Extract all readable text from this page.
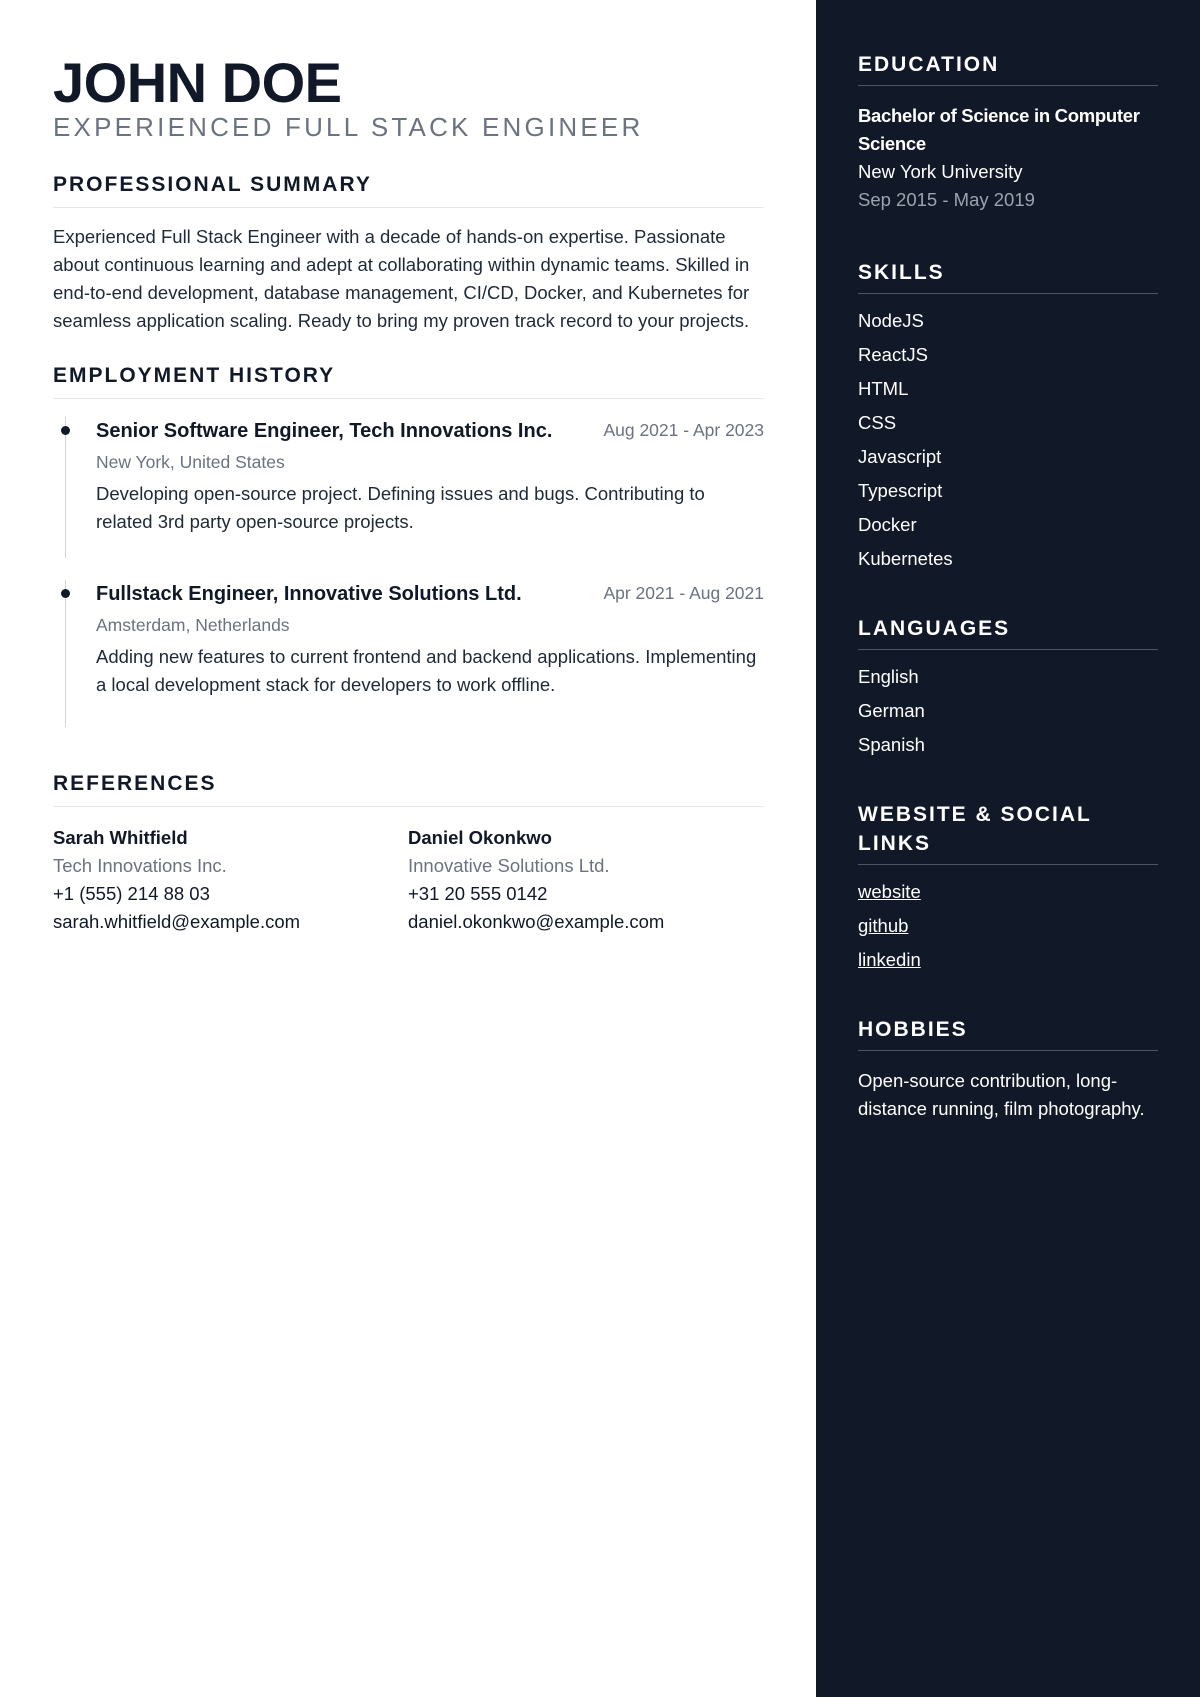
JOHN DOE
EXPERIENCED FULL STACK ENGINEER
PROFESSIONAL SUMMARY

Experienced Full Stack Engineer with a decade of hands-on expertise. Passionate about continuous learning and adept at collaborating within dynamic teams. Skilled in end-to-end development, database management, CI/CD, Docker, and Kubernetes for seamless application scaling. Ready to bring my proven track record to your projects.

EMPLOYMENT HISTORY
Senior Software Engineer, Tech Innovations Inc.	Aug 2021 - Apr 2023
New York, United States
Developing open-source project. Defining issues and bugs. Contributing to related 3rd party open-source projects.
Fullstack Engineer, Innovative Solutions Ltd.	Apr 2021 - Aug 2021
Amsterdam, Netherlands
Adding new features to current frontend and backend applications. Implementing a local development stack for developers to work offline.
REFERENCES
Sarah Whitfield
Tech Innovations Inc.
+1 (555) 214 88 03
sarah.whitfield@example.com
Daniel Okonkwo
Innovative Solutions Ltd.
+31 20 555 0142
daniel.okonkwo@example.com
EDUCATION
Bachelor of Science in Computer Science
New York University
Sep 2015 - May 2019
SKILLS
NodeJS
ReactJS
HTML
CSS
Javascript
Typescript
Docker
Kubernetes
LANGUAGES
English
German
Spanish
WEBSITE & SOCIAL LINKS
website
github
linkedin
HOBBIES
Open-source contribution, long-distance running, film photography.
